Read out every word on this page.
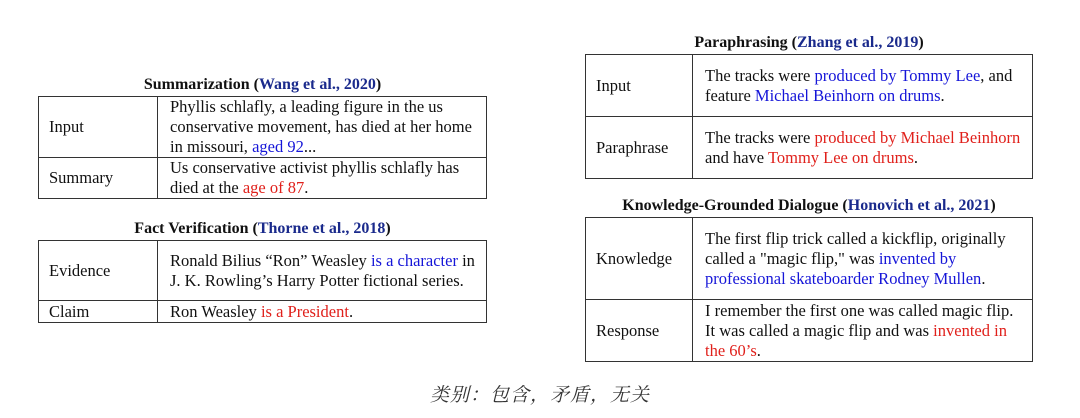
Summarization (Wang et al., 2020)
Input	Phyllis schlafly, a leading figure in the us conservative movement, has died at her home in missouri, aged 92...
Summary	Us conservative activist phyllis schlafly has died at the age of 87.
Fact Verification (Thorne et al., 2018)
Evidence	Ronald Bilius “Ron” Weasley is a character in J. K. Rowling’s Harry Potter fictional series.
Claim	Ron Weasley is a President.
Paraphrasing (Zhang et al., 2019)
Input	The tracks were produced by Tommy Lee, and feature Michael Beinhorn on drums.
Paraphrase	The tracks were produced by Michael Beinhorn and have Tommy Lee on drums.
Knowledge-Grounded Dialogue (Honovich et al., 2021)
Knowledge	The first flip trick called a kickflip, originally called a "magic flip," was invented by professional skateboarder Rodney Mullen.
Response	I remember the first one was called magic flip. It was called a magic flip and was invented in the 60’s.
类别：包含，矛盾，无关
